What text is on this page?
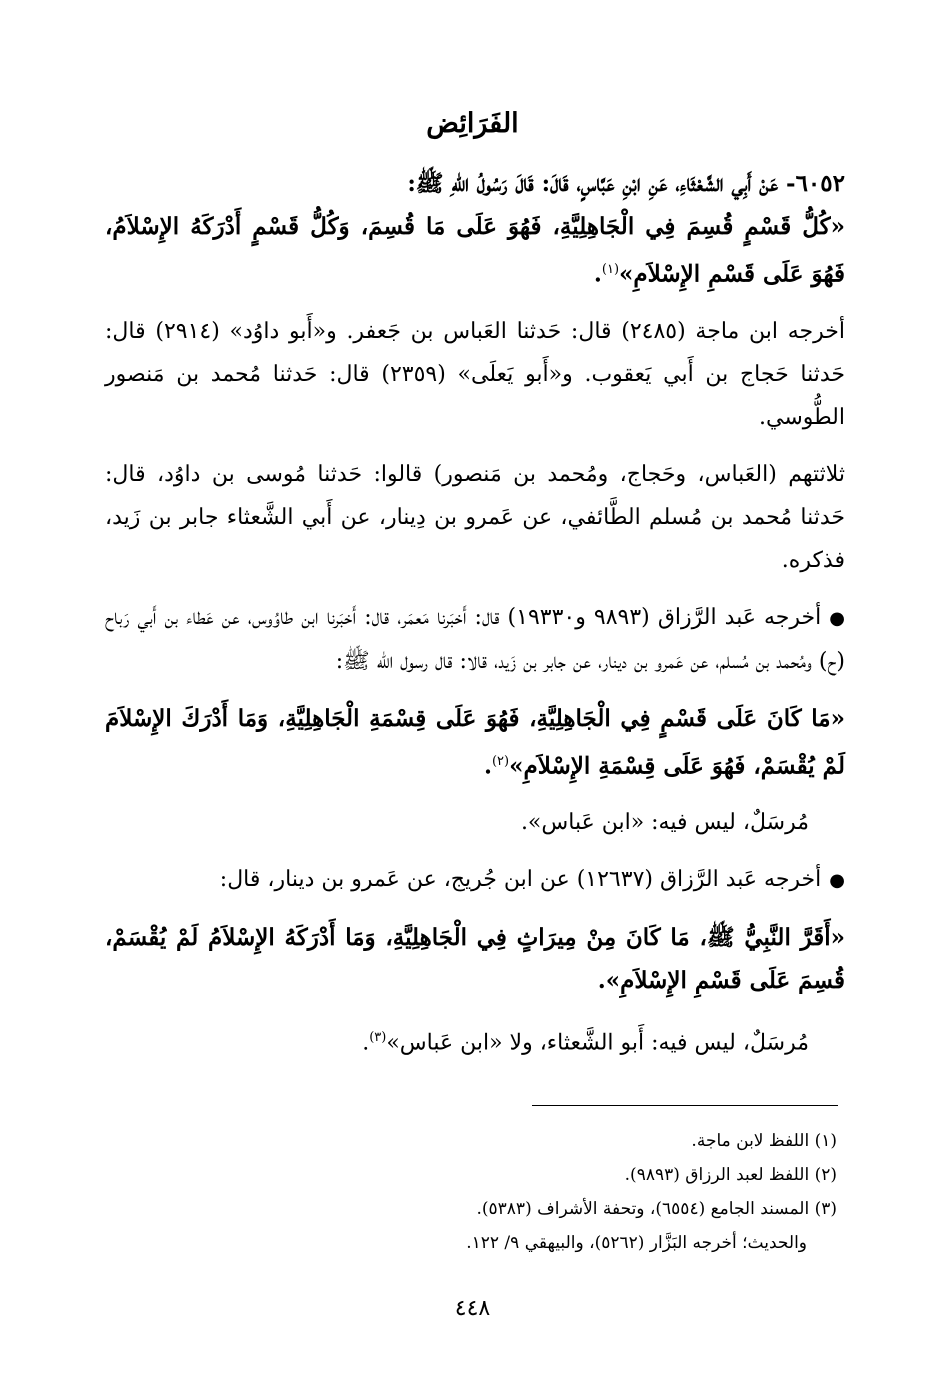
الفَرَائِض

٦٠٥٢- عَنْ أَبِي الشَّعْثَاءِ، عَنِ ابْنِ عَبَّاسٍ، قَالَ: قَالَ رَسُولُ اللهِ ﷺ:

«كُلُّ قَسْمٍ قُسِمَ فِي الْجَاهِلِيَّةِ، فَهُوَ عَلَى مَا قُسِمَ، وَكُلُّ قَسْمٍ أَدْرَكَهُ الإِسْلاَمُ، فَهُوَ عَلَى قَسْمِ الإِسْلاَمِ»$^{(١)}$.

أخرجه ابن ماجة (٢٤٨٥) قال: حَدثنا العَباس بن جَعفر. و«أَبو داوُد» (٢٩١٤) قال: حَدثنا حَجاج بن أَبي يَعقوب. و«أَبو يَعلَى» (٢٣٥٩) قال: حَدثنا مُحمد بن مَنصور الطُّوسي.

ثلاثتهم (العَباس، وحَجاج، ومُحمد بن مَنصور) قالوا: حَدثنا مُوسى بن داوُد، قال: حَدثنا مُحمد بن مُسلم الطَّائفي، عن عَمرو بن دِينار، عن أَبي الشَّعثاء جابر بن زَيد، فذكره.

●أخرجه عَبد الرَّزاق (٩٨٩٣ و١٩٣٣٠) قال: أَخبَرنا مَعمَر، قال: أَخبَرنا ابن طاوُوس، عن عَطاء بن أَبي رَباح (ح) ومُحمد بن مُسلم، عن عَمرو بن دينار، عن جابر بن زَيد، قالا: قال رسول الله ﷺ:

«مَا كَانَ عَلَى قَسْمٍ فِي الْجَاهِلِيَّةِ، فَهُوَ عَلَى قِسْمَةِ الْجَاهِلِيَّةِ، وَمَا أَدْرَكَ الإِسْلاَمَ لَمْ يُقْسَمْ، فَهُوَ عَلَى قِسْمَةِ الإِسْلاَمِ»$^{(٢)}$.

مُرسَلٌ، ليس فيه: «ابن عَباس».

●أخرجه عَبد الرَّزاق (١٢٦٣٧) عن ابن جُريج، عن عَمرو بن دينار، قال:

«أَقَرَّ النَّبِيُّ ﷺ، مَا كَانَ مِنْ مِيرَاثٍ فِي الْجَاهِلِيَّةِ، وَمَا أَدْرَكَهُ الإِسْلاَمُ لَمْ يُقْسَمْ، قُسِمَ عَلَى قَسْمِ الإِسْلاَمِ».

مُرسَلٌ، ليس فيه: أَبو الشَّعثاء، ولا «ابن عَباس»$^{(٣)}$.

(١) اللفظ لابن ماجة.

(٢) اللفظ لعبد الرزاق (٩٨٩٣).

(٣) المسند الجامع (٦٥٥٤)، وتحفة الأشراف (٥٣٨٣).

والحديث؛ أخرجه البَزَّار (٥٢٦٢)، والبيهقي ٩/ ١٢٢.

٤٤٨
